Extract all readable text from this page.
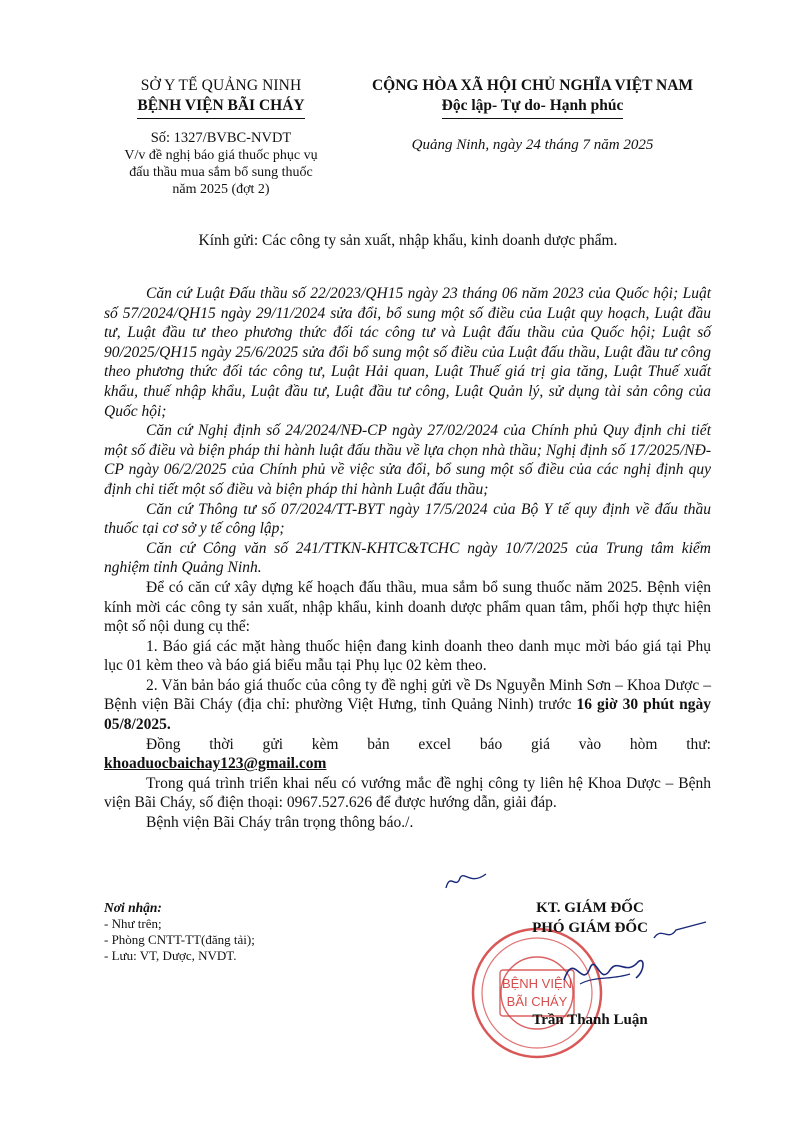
SỞ Y TẾ QUẢNG NINH
BỆNH VIỆN BÃI CHÁY
Số: 1327/BVBC-NVDT
V/v đề nghị báo giá thuốc phục vụ
đấu thầu mua sắm bổ sung thuốc
năm 2025 (đợt 2)
CỘNG HÒA XÃ HỘI CHỦ NGHĨA VIỆT NAM
Độc lập- Tự do- Hạnh phúc
Quảng Ninh, ngày 24 tháng 7 năm 2025
Kính gửi: Các công ty sản xuất, nhập khẩu, kinh doanh dược phẩm.

Căn cứ Luật Đấu thầu số 22/2023/QH15 ngày 23 tháng 06 năm 2023 của Quốc hội; Luật số 57/2024/QH15 ngày 29/11/2024 sửa đổi, bổ sung một số điều của Luật quy hoạch, Luật đầu tư, Luật đầu tư theo phương thức đối tác công tư và Luật đấu thầu của Quốc hội; Luật số 90/2025/QH15 ngày 25/6/2025 sửa đổi bổ sung một số điều của Luật đấu thầu, Luật đầu tư công theo phương thức đối tác công tư, Luật Hải quan, Luật Thuế giá trị gia tăng, Luật Thuế xuất khẩu, thuế nhập khẩu, Luật đầu tư, Luật đầu tư công, Luật Quản lý, sử dụng tài sản công của Quốc hội;

Căn cứ Nghị định số 24/2024/NĐ-CP ngày 27/02/2024 của Chính phủ Quy định chi tiết một số điều và biện pháp thi hành luật đấu thầu về lựa chọn nhà thầu; Nghị định số 17/2025/NĐ-CP ngày 06/2/2025 của Chính phủ về việc sửa đổi, bổ sung một số điều của các nghị định quy định chi tiết một số điều và biện pháp thi hành Luật đấu thầu;

Căn cứ Thông tư số 07/2024/TT-BYT ngày 17/5/2024 của Bộ Y tế quy định về đấu thầu thuốc tại cơ sở y tế công lập;

Căn cứ Công văn số 241/TTKN-KHTC&TCHC ngày 10/7/2025 của Trung tâm kiểm nghiệm tỉnh Quảng Ninh.

Để có căn cứ xây dựng kế hoạch đấu thầu, mua sắm bổ sung thuốc năm 2025. Bệnh viện kính mời các công ty sản xuất, nhập khẩu, kinh doanh dược phẩm quan tâm, phối hợp thực hiện một số nội dung cụ thể:

1. Báo giá các mặt hàng thuốc hiện đang kinh doanh theo danh mục mời báo giá tại Phụ lục 01 kèm theo và báo giá biểu mẫu tại Phụ lục 02 kèm theo.

2. Văn bản báo giá thuốc của công ty đề nghị gửi về Ds Nguyễn Minh Sơn – Khoa Dược – Bệnh viện Bãi Cháy (địa chỉ: phường Việt Hưng, tỉnh Quảng Ninh) trước 16 giờ 30 phút ngày 05/8/2025.

Đồng thời gửi kèm bản excel báo giá vào hòm thư:

khoaduocbaichay123@gmail.com

Trong quá trình triển khai nếu có vướng mắc đề nghị công ty liên hệ Khoa Dược – Bệnh viện Bãi Cháy, số điện thoại: 0967.527.626 để được hướng dẫn, giải đáp.

Bệnh viện Bãi Cháy trân trọng thông báo./.

Nơi nhận:
- Như trên;
- Phòng CNTT-TT(đăng tải);
- Lưu: VT, Dược, NVDT.
BỆNH VIỆN
BÃI CHÁY
KT. GIÁM ĐỐC
PHÓ GIÁM ĐỐC
Trần Thanh Luận
